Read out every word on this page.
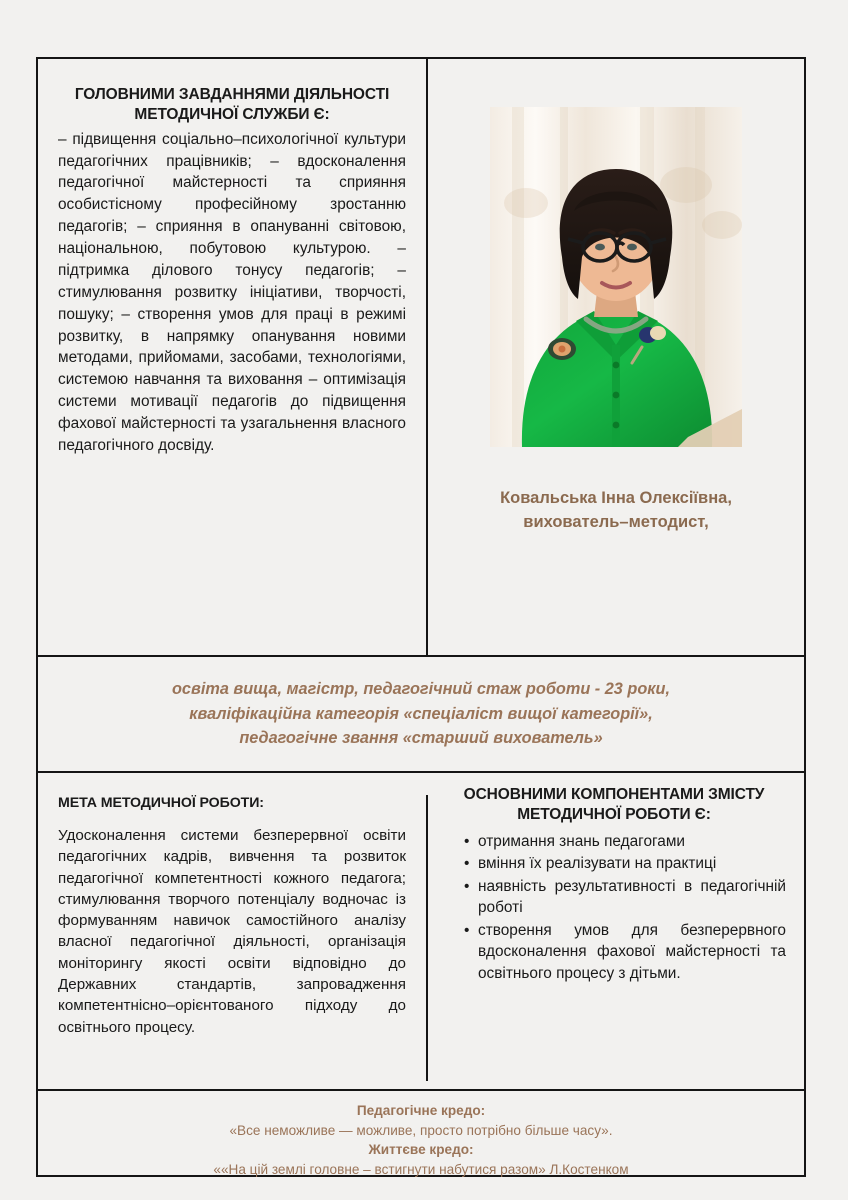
ГОЛОВНИМИ ЗАВДАННЯМИ ДІЯЛЬНОСТІ МЕТОДИЧНОЇ СЛУЖБИ Є:
– підвищення соціально–психологічної культури педагогічних працівників; – вдосконалення педагогічної майстерності та сприяння особистісному професійному зростанню педагогів; – сприяння в опануванні світовою, національною, побутовою культурою. – підтримка ділового тонусу педагогів; – стимулювання розвитку ініціативи, творчості, пошуку; – створення умов для праці в режимі розвитку, в напрямку опанування новими методами, прийомами, засобами, технологіями, системою навчання та виховання – оптимізація системи мотивації педагогів до підвищення фахової майстерності та узагальнення власного педагогічного досвіду.
Ковальська Інна Олексіївна,
вихователь–методист,
освіта вища, магістр, педагогічний стаж роботи - 23 роки,
кваліфікаційна категорія «спеціаліст вищої категорії»,
педагогічне звання «старший вихователь»
МЕТА МЕТОДИЧНОЇ РОБОТИ:
Удосконалення системи безперервної освіти педагогічних кадрів, вивчення та розвиток педагогічної компетентності кожного педагога; стимулювання творчого потенціалу водночас із формуванням навичок самостійного аналізу власної педагогічної діяльності, організація моніторингу якості освіти відповідно до Державних стандартів, запровадження компетентнісно–орієнтованого підходу до освітнього процесу.
ОСНОВНИМИ КОМПОНЕНТАМИ ЗМІСТУ МЕТОДИЧНОЇ РОБОТИ Є:
• отримання знань педагогами
• вміння їх реалізувати на практиці
• наявність результативності в педагогічній роботі
• створення умов для безперервного вдосконалення фахової майстерності та освітнього процесу з дітьми.
Педагогічне кредо:
«Все неможливе — можливе, просто потрібно більше часу».
Життєве кредо:
««На цій землі головне – встигнути набутися разом» Л.Костенком
